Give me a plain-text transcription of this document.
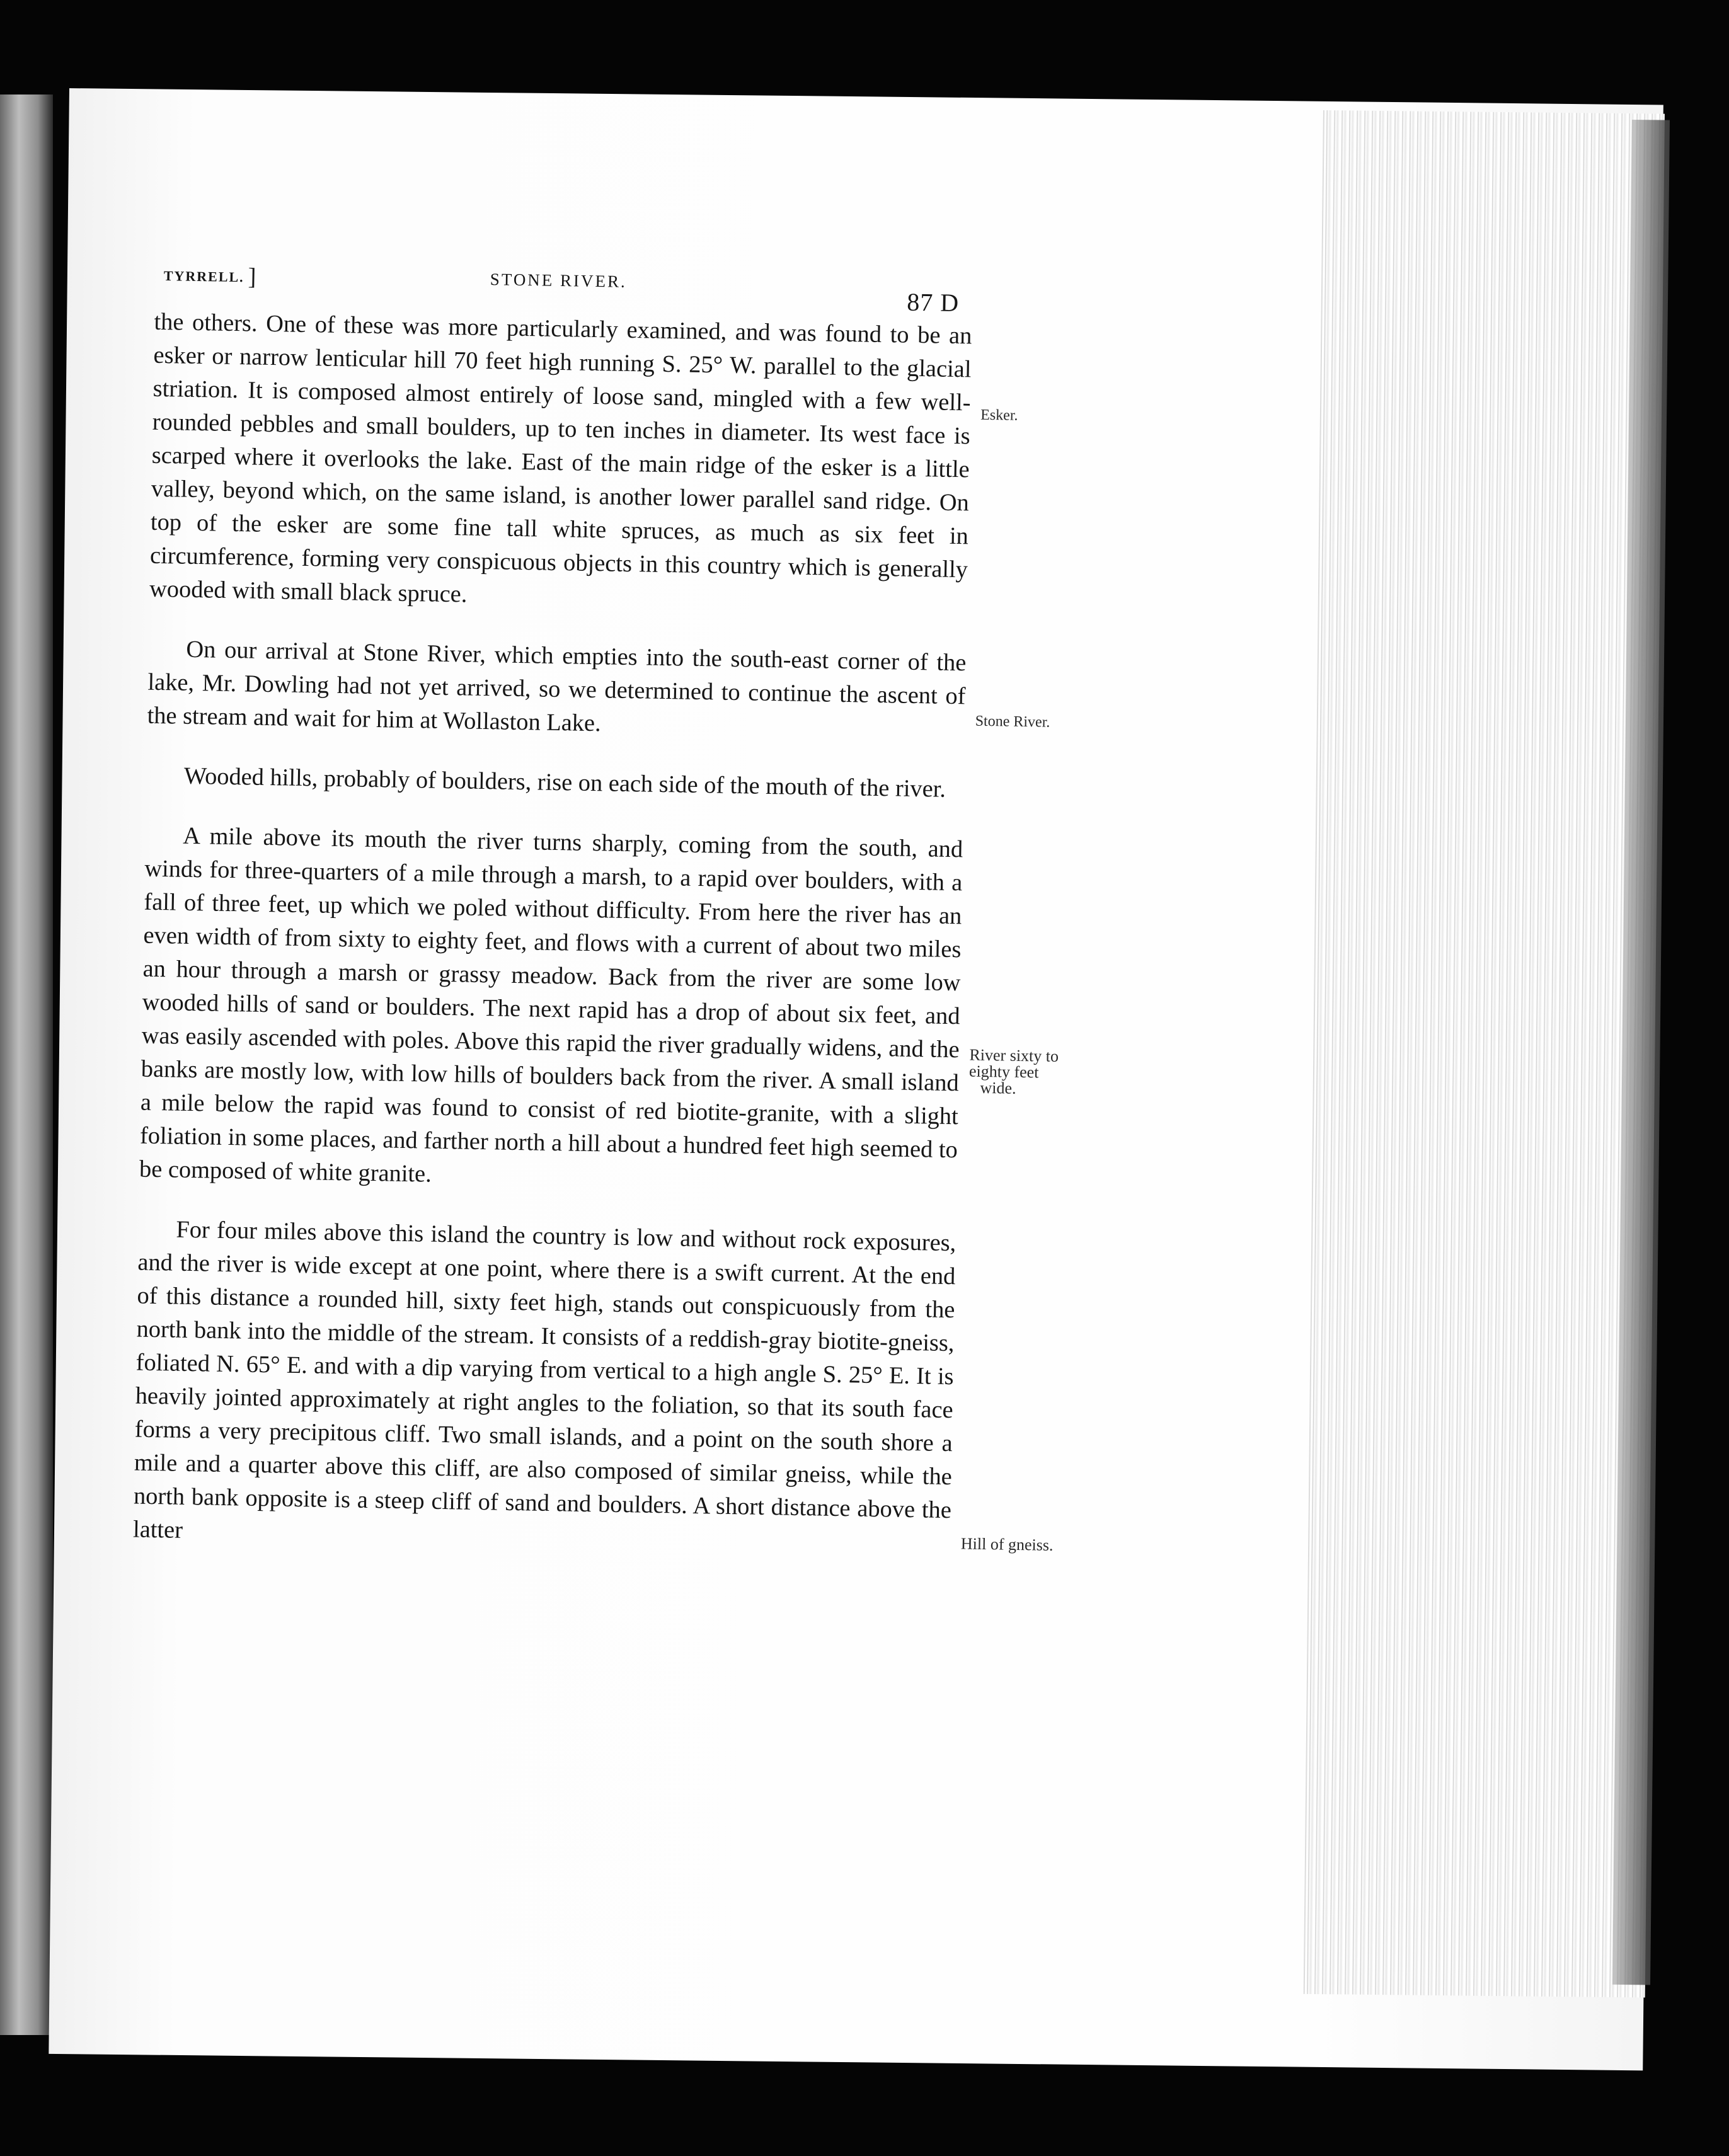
TYRRELL. ]	STONE RIVER.
87 D

the others. One of these was more particularly examined, and was found to be an esker or narrow lenticular hill 70 feet high running S. 25° W. parallel to the glacial striation. It is composed almost entirely of loose sand, mingled with a few well-rounded pebbles and small boulders, up to ten inches in diameter. Its west face is scarped where it overlooks the lake. East of the main ridge of the esker is a little valley, beyond which, on the same island, is another lower parallel sand ridge. On top of the esker are some fine tall white spruces, as much as six feet in circumference, forming very conspicuous objects in this country which is generally wooded with small black spruce.

On our arrival at Stone River, which empties into the south-east corner of the lake, Mr. Dowling had not yet arrived, so we determined to continue the ascent of the stream and wait for him at Wollaston Lake.

Wooded hills, probably of boulders, rise on each side of the mouth of the river.

A mile above its mouth the river turns sharply, coming from the south, and winds for three-quarters of a mile through a marsh, to a rapid over boulders, with a fall of three feet, up which we poled without difficulty. From here the river has an even width of from sixty to eighty feet, and flows with a current of about two miles an hour through a marsh or grassy meadow. Back from the river are some low wooded hills of sand or boulders. The next rapid has a drop of about six feet, and was easily ascended with poles. Above this rapid the river gradually widens, and the banks are mostly low, with low hills of boulders back from the river. A small island a mile below the rapid was found to consist of red biotite-granite, with a slight foliation in some places, and farther north a hill about a hundred feet high seemed to be composed of white granite.

For four miles above this island the country is low and without rock exposures, and the river is wide except at one point, where there is a swift current. At the end of this distance a rounded hill, sixty feet high, stands out conspicuously from the north bank into the middle of the stream. It consists of a reddish-gray biotite-gneiss, foliated N. 65° E. and with a dip varying from vertical to a high angle S. 25° E. It is heavily jointed approximately at right angles to the foliation, so that its south face forms a very precipitous cliff. Two small islands, and a point on the south shore a mile and a quarter above this cliff, are also composed of similar gneiss, while the north bank opposite is a steep cliff of sand and boulders. A short distance above the latter

Esker.
Stone River.
River sixty to
eighty feet
wide.
Hill of gneiss.
